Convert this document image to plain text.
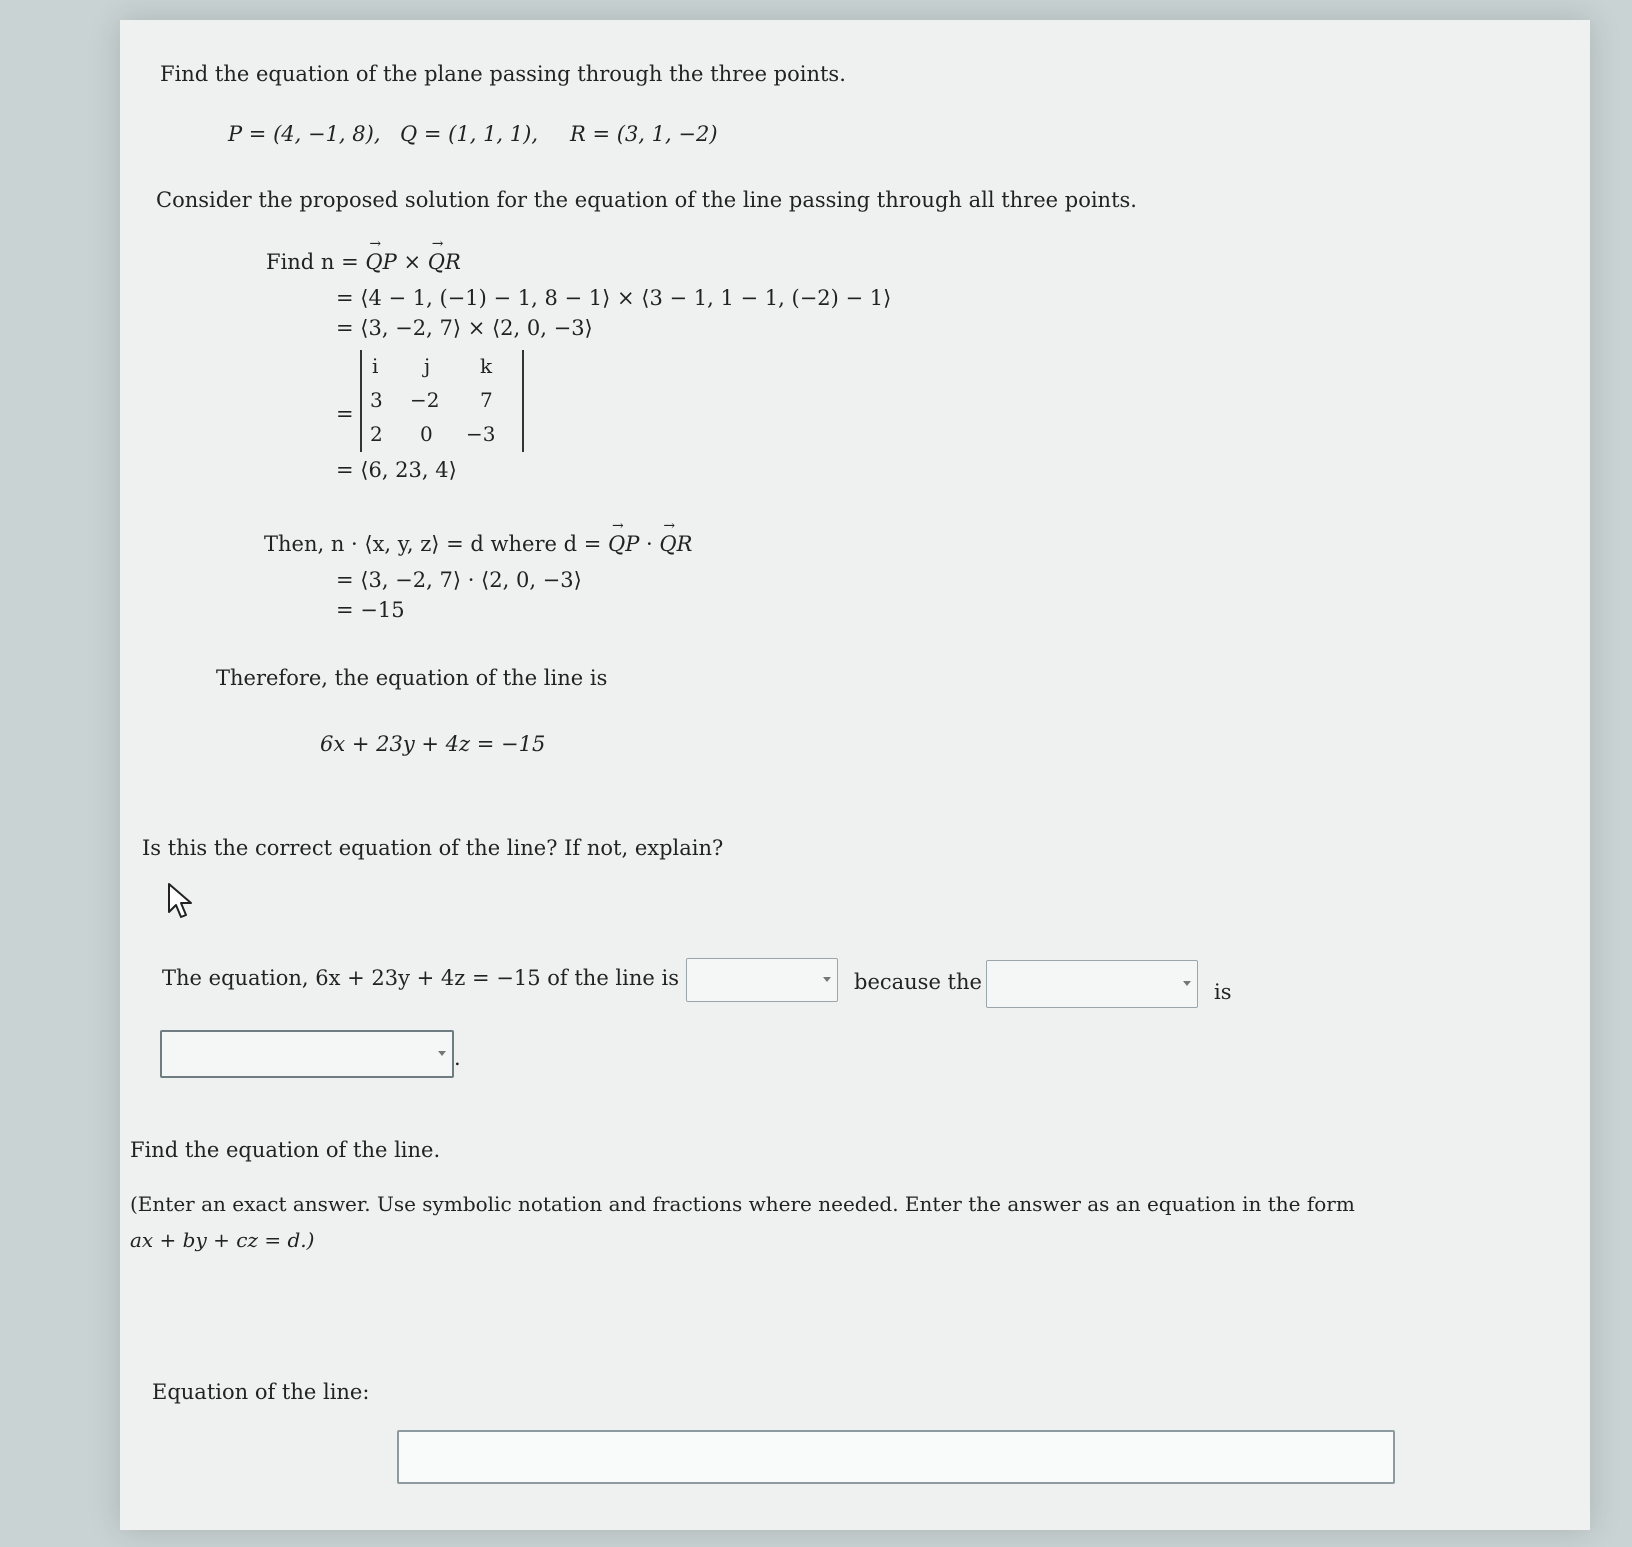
Find the equation of the plane passing through the three points.
P = (4, −1, 8), Q = (1, 1, 1), R = (3, 1, −2)
Consider the proposed solution for the equation of the line passing through all three points.
Find n = → QP × → QR
= ⟨4 − 1, (−1) − 1, 8 − 1⟩ × ⟨3 − 1, 1 − 1, (−2) − 1⟩
= ⟨3, −2, 7⟩ × ⟨2, 0, −3⟩
=
i j k
3 −2 7
2 0 −3
= ⟨6, 23, 4⟩
Then, n · ⟨x, y, z⟩ = d where d = → QP · → QR
= ⟨3, −2, 7⟩ · ⟨2, 0, −3⟩
= −15
Therefore, the equation of the line is
6x + 23y + 4z = −15
Is this the correct equation of the line? If not, explain?
The equation, 6x + 23y + 4z = −15 of the line is	because the	is
.
Find the equation of the line.
(Enter an exact answer. Use symbolic notation and fractions where needed. Enter the answer as an equation in the form
ax + by + cz = d.)
Equation of the line:
